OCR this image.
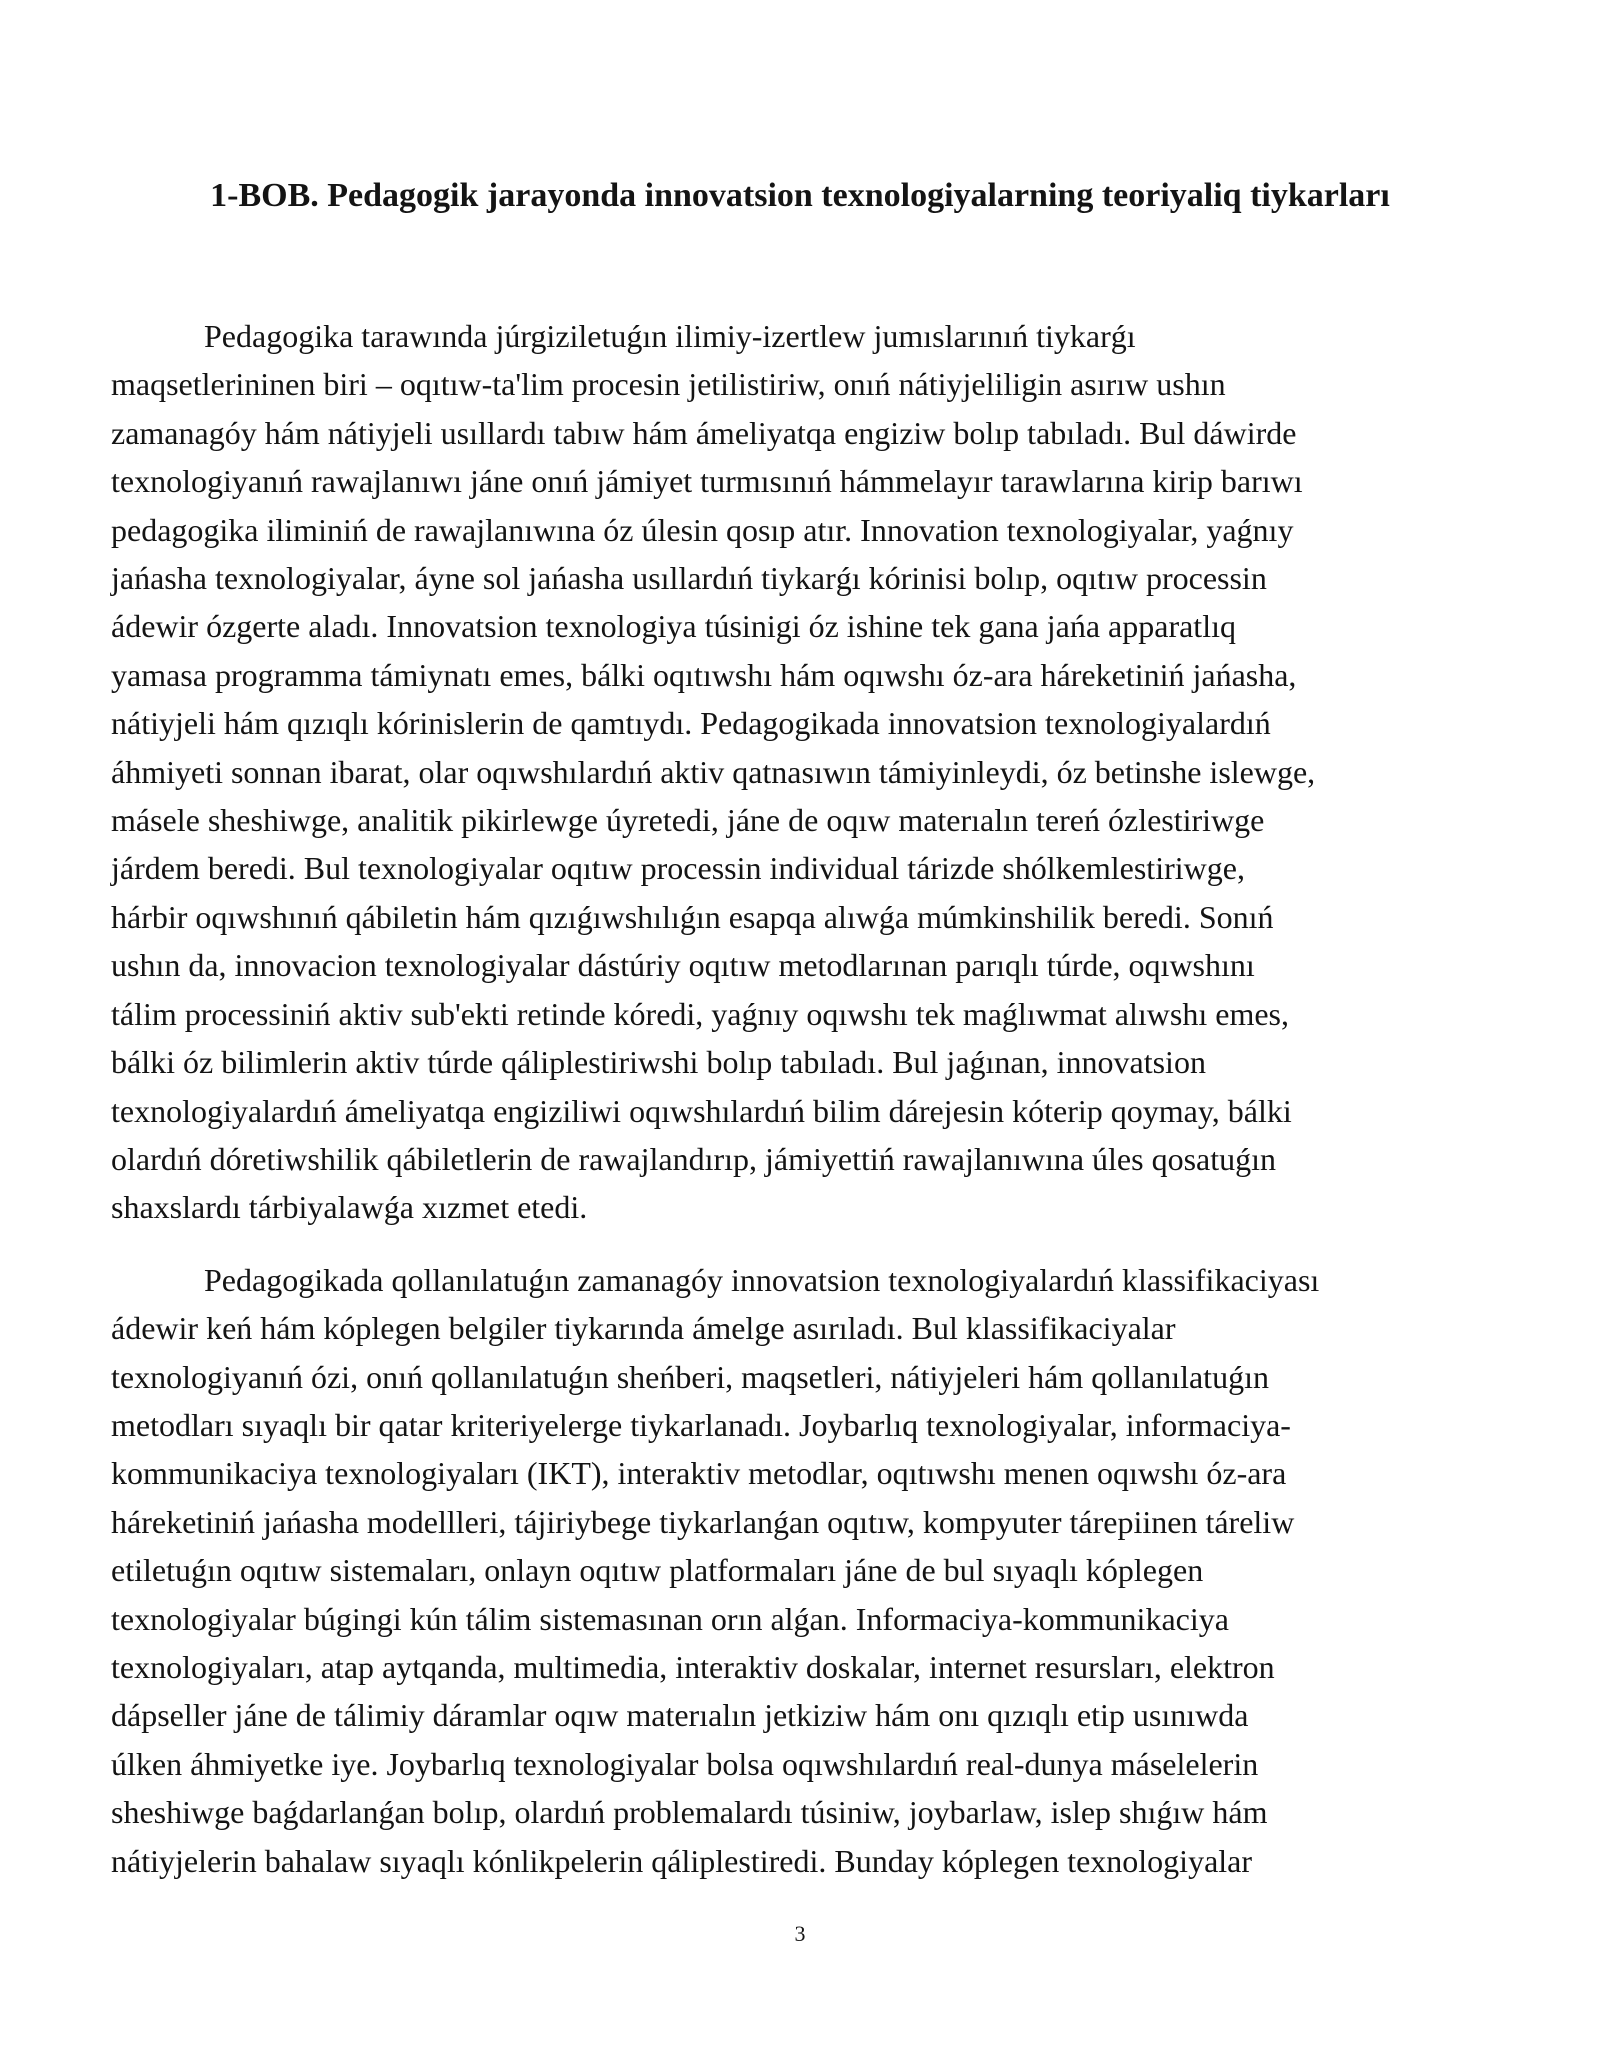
1-BOB. Pedagogik jarayonda innovatsion texnologiyalarning teoriyaliq tiykarları

Pedagogika tarawında júrgiziletuǵın ilimiy-izertlew jumıslarınıń tiykarǵı
maqsetlerininen biri – oqıtıw-ta'lim procesin jetilistiriw, onıń nátiyjeliligin asırıw ushın
zamanagóy hám nátiyjeli usıllardı tabıw hám ámeliyatqa engiziw bolıp tabıladı. Bul dáwirde
texnologiyanıń rawajlanıwı jáne onıń jámiyet turmısınıń hámmelayır tarawlarına kirip barıwı
pedagogika iliminiń de rawajlanıwına óz úlesin qosıp atır. Innovation texnologiyalar, yaǵnıy
jańasha texnologiyalar, áyne sol jańasha usıllardıń tiykarǵı kórinisi bolıp, oqıtıw processin
ádewir ózgerte aladı. Innovatsion texnologiya túsinigi óz ishine tek gana jańa apparatlıq
yamasa programma támiynatı emes, bálki oqıtıwshı hám oqıwshı óz-ara háreketiniń jańasha,
nátiyjeli hám qızıqlı kórinislerin de qamtıydı. Pedagogikada innovatsion texnologiyalardıń
áhmiyeti sonnan ibarat, olar oqıwshılardıń aktiv qatnasıwın támiyinleydi, óz betinshe islewge,
másele sheshiwge, analitik pikirlewge úyretedi, jáne de oqıw materıalın tereń ózlestiriwge
járdem beredi. Bul texnologiyalar oqıtıw processin individual tárizde shólkemlestiriwge,
hárbir oqıwshınıń qábiletin hám qızıǵıwshılıǵın esapqa alıwǵa múmkinshilik beredi. Sonıń
ushın da, innovacion texnologiyalar dástúriy oqıtıw metodlarınan parıqlı túrde, oqıwshını
tálim processiniń aktiv sub'ekti retinde kóredi, yaǵnıy oqıwshı tek maǵlıwmat alıwshı emes,
bálki óz bilimlerin aktiv túrde qáliplestiriwshi bolıp tabıladı. Bul jaǵınan, innovatsion
texnologiyalardıń ámeliyatqa engiziliwi oqıwshılardıń bilim dárejesin kóterip qoymay, bálki
olardıń dóretiwshilik qábiletlerin de rawajlandırıp, jámiyettiń rawajlanıwına úles qosatuǵın
shaxslardı tárbiyalawǵa xızmet etedi.

Pedagogikada qollanılatuǵın zamanagóy innovatsion texnologiyalardıń klassifikaciyası
ádewir keń hám kóplegen belgiler tiykarında ámelge asırıladı. Bul klassifikaciyalar
texnologiyanıń ózi, onıń qollanılatuǵın sheńberi, maqsetleri, nátiyjeleri hám qollanılatuǵın
metodları sıyaqlı bir qatar kriteriyelerge tiykarlanadı. Joybarlıq texnologiyalar, informaciya-
kommunikaciya texnologiyaları (IKT), interaktiv metodlar, oqıtıwshı menen oqıwshı óz-ara
háreketiniń jańasha modellleri, tájiriybege tiykarlanǵan oqıtıw, kompyuter tárepiinen táreliw
etiletuǵın oqıtıw sistemaları, onlayn oqıtıw platformaları jáne de bul sıyaqlı kóplegen
texnologiyalar búgingi kún tálim sistemasınan orın alǵan. Informaciya-kommunikaciya
texnologiyaları, atap aytqanda, multimedia, interaktiv doskalar, internet resursları, elektron
dápseller jáne de tálimiy dáramlar oqıw materıalın jetkiziw hám onı qızıqlı etip usınıwda
úlken áhmiyetke iye. Joybarlıq texnologiyalar bolsa oqıwshılardıń real-dunya máselelerin
sheshiwge baǵdarlanǵan bolıp, olardıń problemalardı túsiniw, joybarlaw, islep shıǵıw hám
nátiyjelerin bahalaw sıyaqlı kónlikpelerin qáliplestiredi. Bunday kóplegen texnologiyalar

3
